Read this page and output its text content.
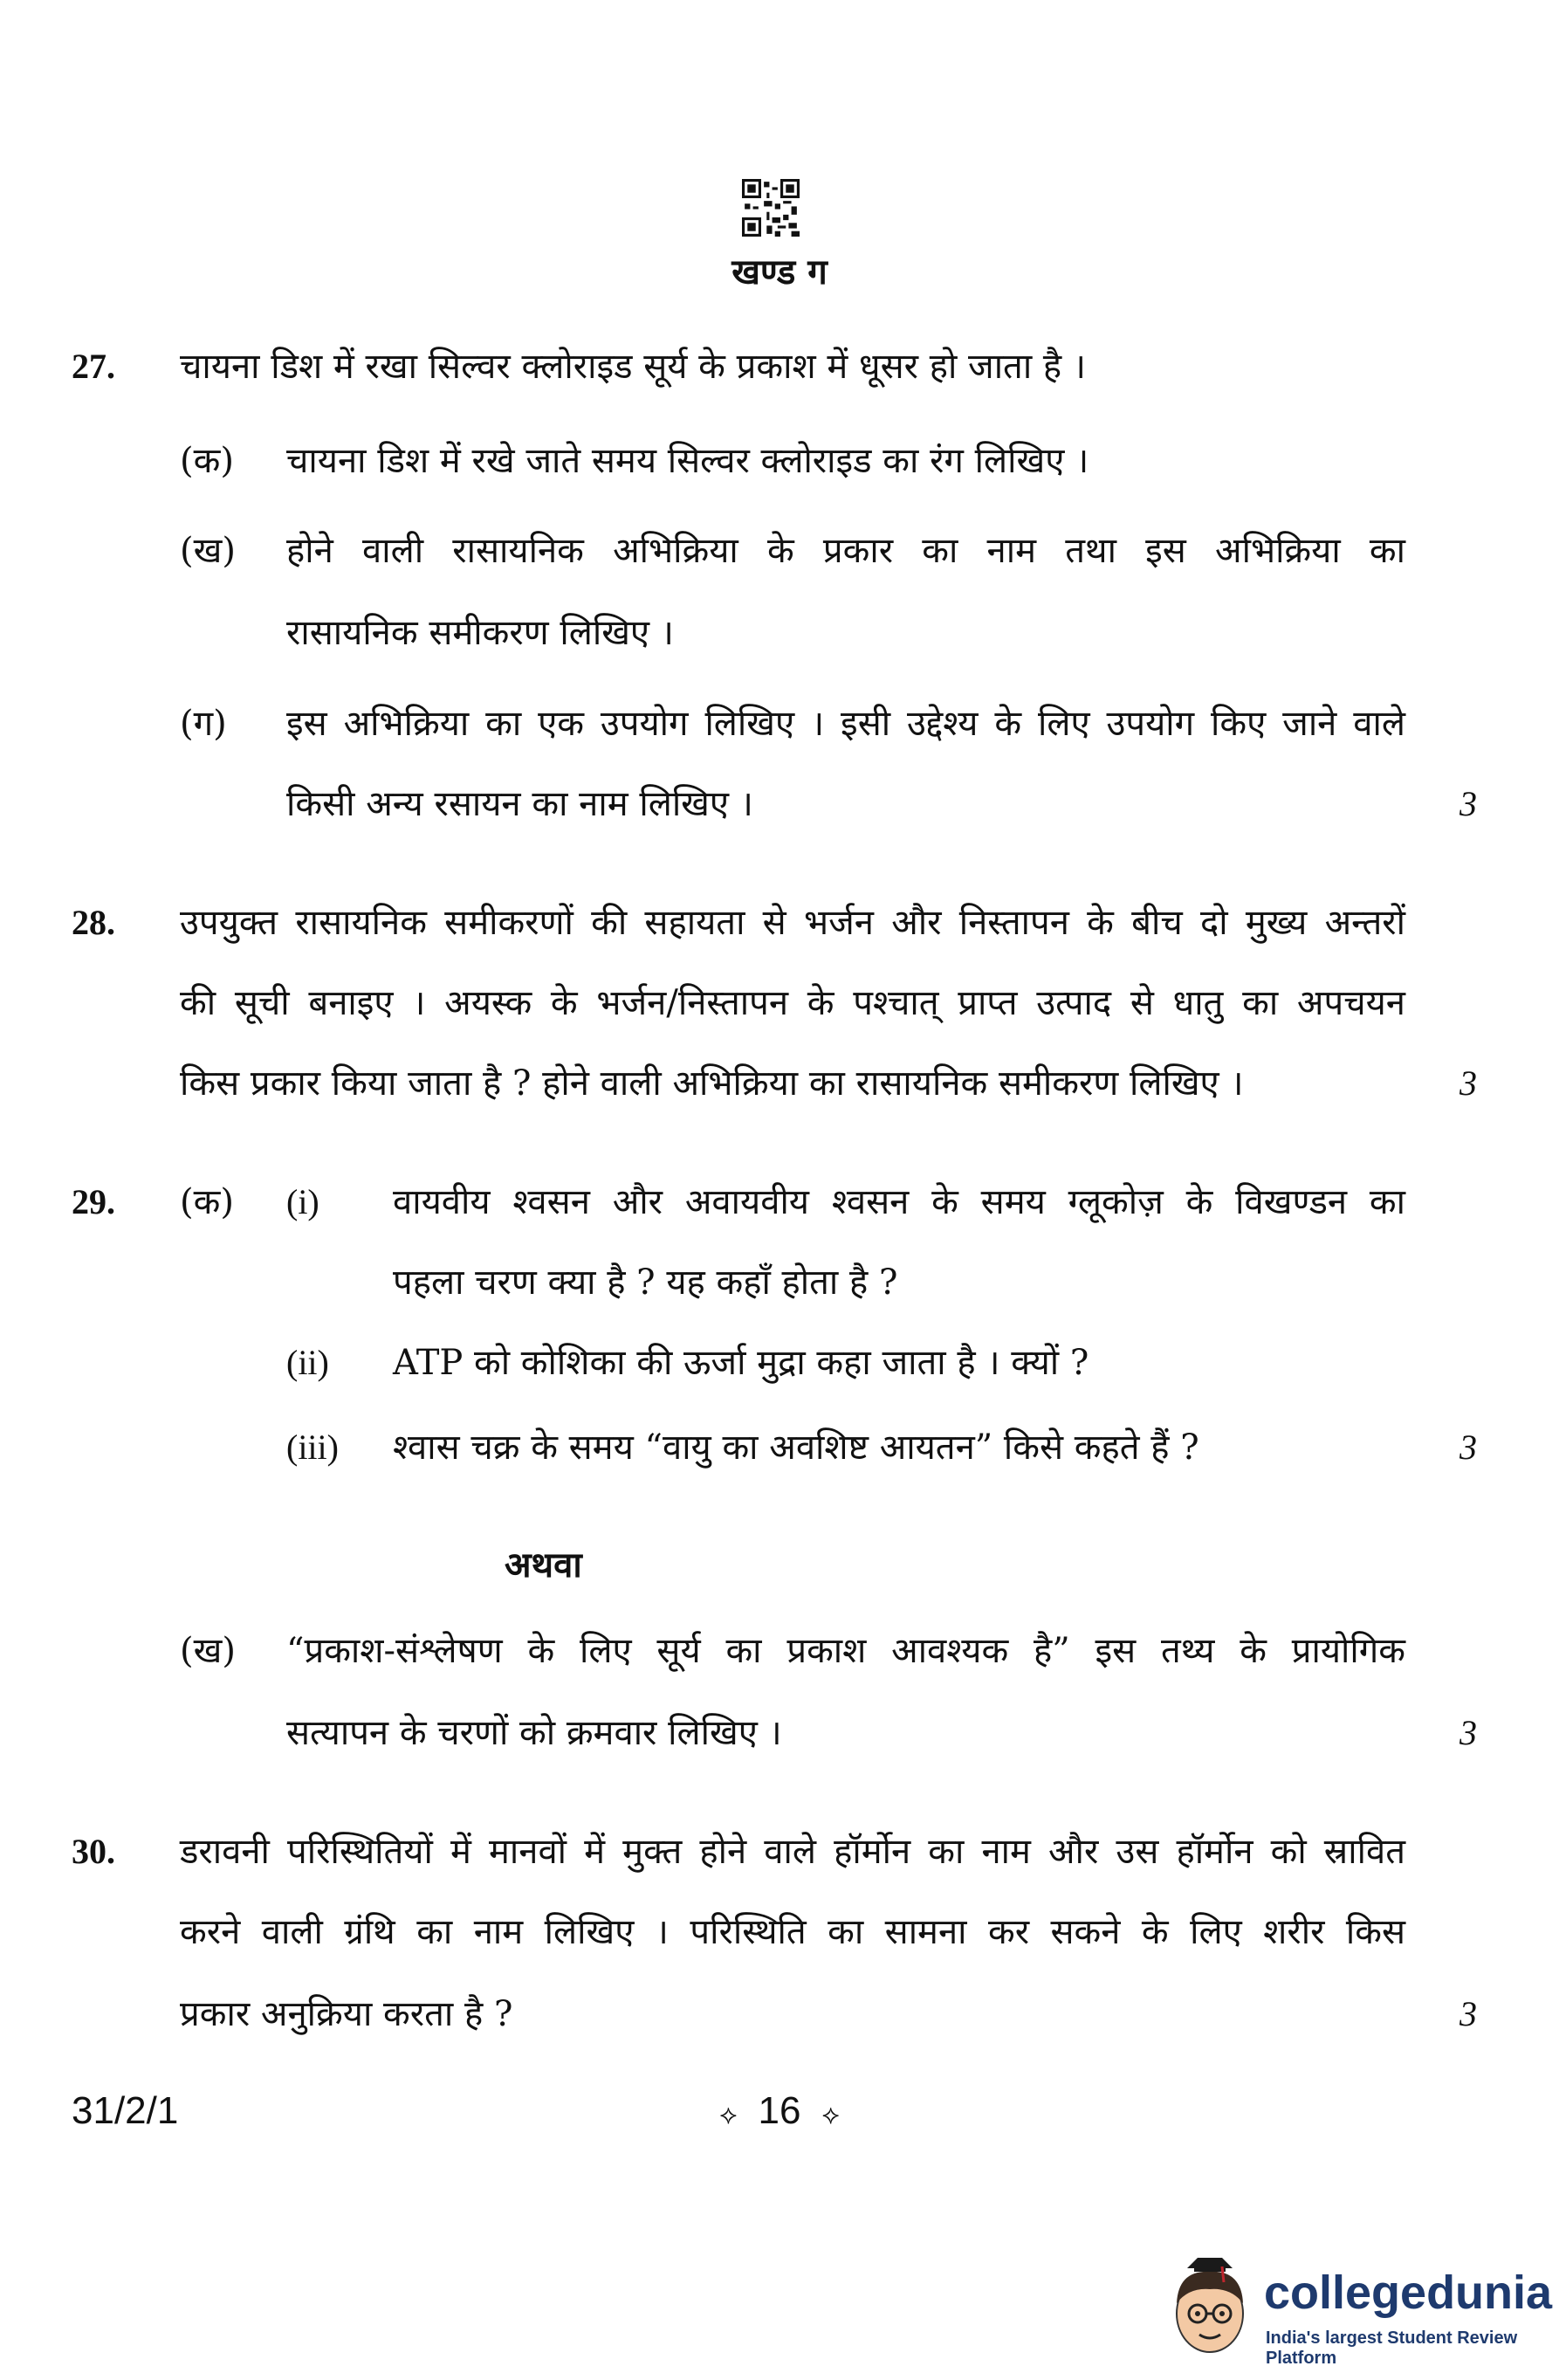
खण्ड ग
27. चायना डिश में रखा सिल्वर क्लोराइड सूर्य के प्रकाश में धूसर हो जाता है ।
(क) चायना डिश में रखे जाते समय सिल्वर क्लोराइड का रंग लिखिए ।
(ख) होने वाली रासायनिक अभिक्रिया के प्रकार का नाम तथा इस अभिक्रिया का
रासायनिक समीकरण लिखिए ।
(ग) इस अभिक्रिया का एक उपयोग लिखिए । इसी उद्देश्य के लिए उपयोग किए जाने वाले
किसी अन्य रसायन का नाम लिखिए ।	3
28. उपयुक्त रासायनिक समीकरणों की सहायता से भर्जन और निस्तापन के बीच दो मुख्य अन्तरों
की सूची बनाइए । अयस्क के भर्जन/निस्तापन के पश्चात् प्राप्त उत्पाद से धातु का अपचयन
किस प्रकार किया जाता है ? होने वाली अभिक्रिया का रासायनिक समीकरण लिखिए ।	3
29. (क) (i) वायवीय श्वसन और अवायवीय श्वसन के समय ग्लूकोज़ के विखण्डन का
पहला चरण क्या है ? यह कहाँ होता है ?
(ii) ATP को कोशिका की ऊर्जा मुद्रा कहा जाता है । क्यों ?
(iii) श्वास चक्र के समय “वायु का अवशिष्ट आयतन” किसे कहते हैं ?	3
अथवा
(ख) “प्रकाश-संश्लेषण के लिए सूर्य का प्रकाश आवश्यक है” इस तथ्य के प्रायोगिक
सत्यापन के चरणों को क्रमवार लिखिए ।	3
30. डरावनी परिस्थितियों में मानवों में मुक्त होने वाले हॉर्मोन का नाम और उस हॉर्मोन को स्रावित
करने वाली ग्रंथि का नाम लिखिए । परिस्थिति का सामना कर सकने के लिए शरीर किस
प्रकार अनुक्रिया करता है ?	3
31/2/1	⟡ 16 ⟡
collegedunia
India's largest Student Review Platform
